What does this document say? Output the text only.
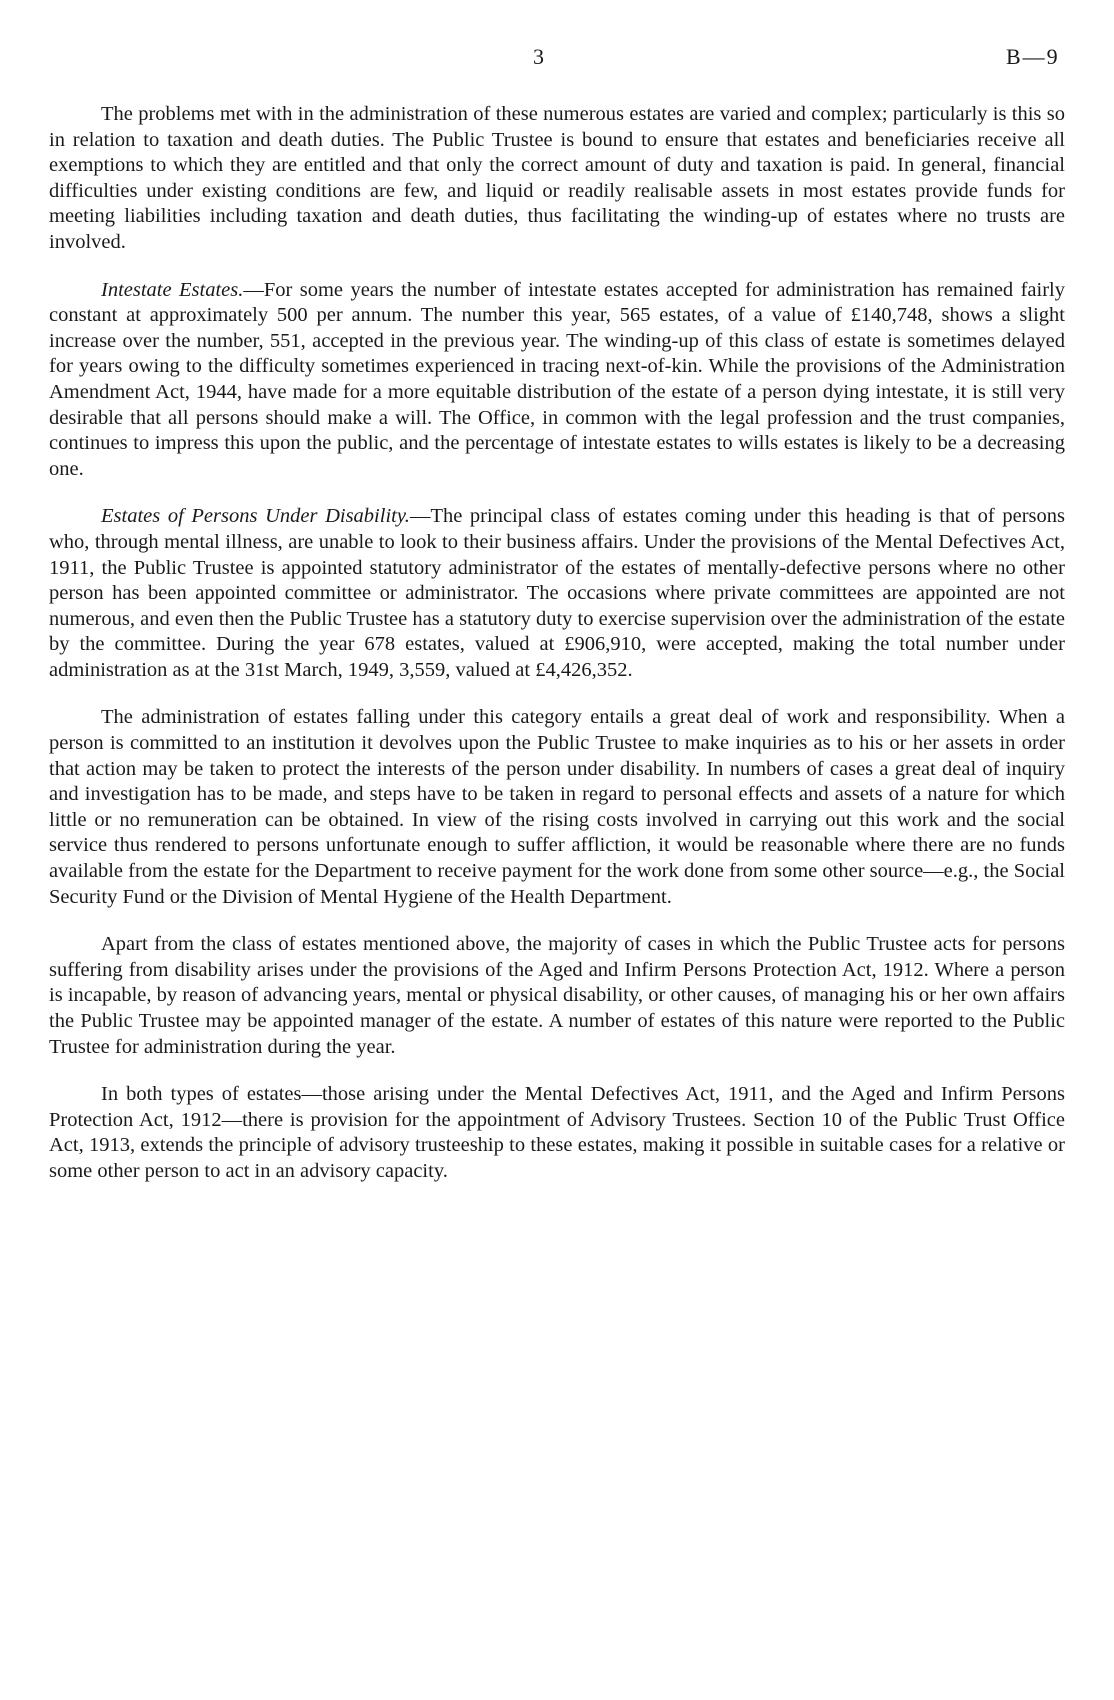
3	B—9

The problems met with in the administration of these numerous estates are varied and complex; particularly is this so in relation to taxation and death duties. The Public Trustee is bound to ensure that estates and beneficiaries receive all exemptions to which they are entitled and that only the correct amount of duty and taxation is paid. In general, financial difficulties under existing conditions are few, and liquid or readily realisable assets in most estates provide funds for meeting liabilities including taxation and death duties, thus facilitating the winding-up of estates where no trusts are involved.

Intestate Estates.—For some years the number of intestate estates accepted for administration has remained fairly constant at approximately 500 per annum. The number this year, 565 estates, of a value of £140,748, shows a slight increase over the number, 551, accepted in the previous year. The winding-up of this class of estate is sometimes delayed for years owing to the difficulty sometimes experienced in tracing next-of-kin. While the provisions of the Administration Amendment Act, 1944, have made for a more equitable distribution of the estate of a person dying intestate, it is still very desirable that all persons should make a will. The Office, in common with the legal profession and the trust companies, continues to impress this upon the public, and the percentage of intestate estates to wills estates is likely to be a decreasing one.

Estates of Persons Under Disability.—The principal class of estates coming under this heading is that of persons who, through mental illness, are unable to look to their business affairs. Under the provisions of the Mental Defectives Act, 1911, the Public Trustee is appointed statutory administrator of the estates of mentally-defective persons where no other person has been appointed committee or administrator. The occasions where private committees are appointed are not numerous, and even then the Public Trustee has a statutory duty to exercise supervision over the administration of the estate by the committee. During the year 678 estates, valued at £906,910, were accepted, making the total number under administration as at the 31st March, 1949, 3,559, valued at £4,426,352.

The administration of estates falling under this category entails a great deal of work and responsibility. When a person is committed to an institution it devolves upon the Public Trustee to make inquiries as to his or her assets in order that action may be taken to protect the interests of the person under disability. In numbers of cases a great deal of inquiry and investigation has to be made, and steps have to be taken in regard to personal effects and assets of a nature for which little or no remuneration can be obtained. In view of the rising costs involved in carrying out this work and the social service thus rendered to persons unfortunate enough to suffer affliction, it would be reasonable where there are no funds available from the estate for the Department to receive payment for the work done from some other source—e.g., the Social Security Fund or the Division of Mental Hygiene of the Health Department.

Apart from the class of estates mentioned above, the majority of cases in which the Public Trustee acts for persons suffering from disability arises under the provisions of the Aged and Infirm Persons Protection Act, 1912. Where a person is incapable, by reason of advancing years, mental or physical disability, or other causes, of managing his or her own affairs the Public Trustee may be appointed manager of the estate. A number of estates of this nature were reported to the Public Trustee for administration during the year.

In both types of estates—those arising under the Mental Defectives Act, 1911, and the Aged and Infirm Persons Protection Act, 1912—there is provision for the appointment of Advisory Trustees. Section 10 of the Public Trust Office Act, 1913, extends the principle of advisory trusteeship to these estates, making it possible in suitable cases for a relative or some other person to act in an advisory capacity.
